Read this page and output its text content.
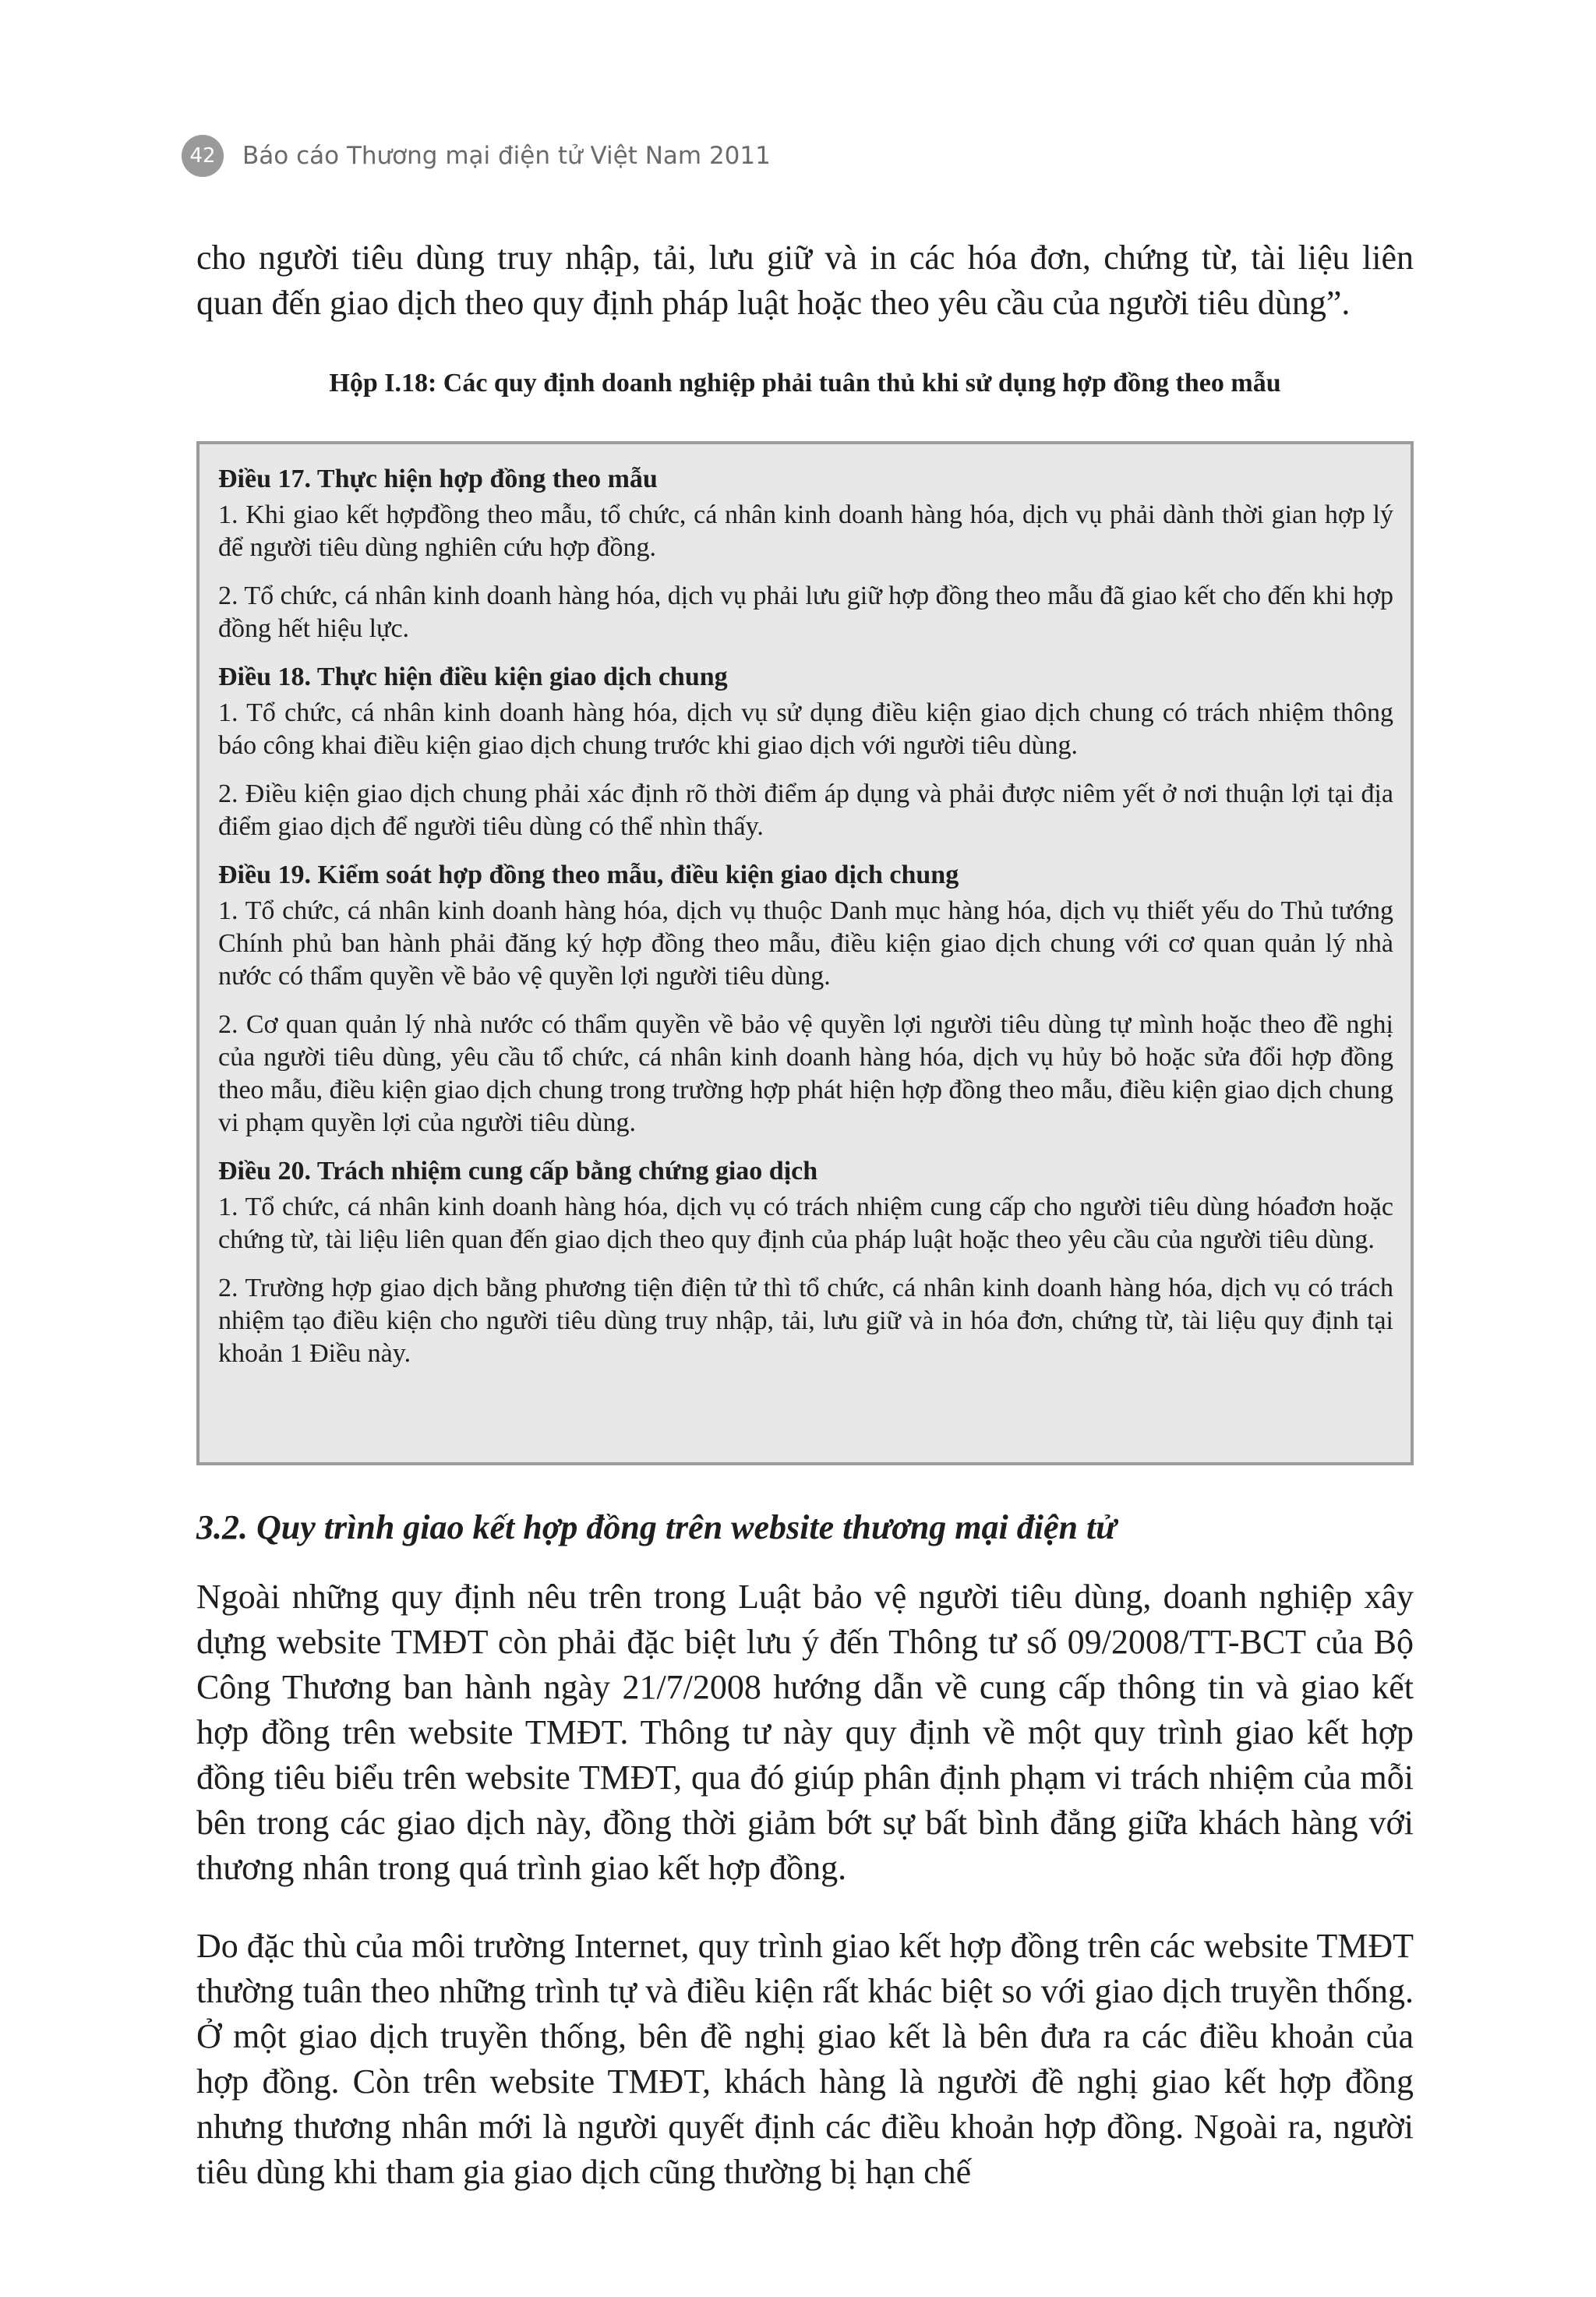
42	Báo cáo Thương mại điện tử Việt Nam 2011

cho người tiêu dùng truy nhập, tải, lưu giữ và in các hóa đơn, chứng từ, tài liệu liên quan đến giao dịch theo quy định pháp luật hoặc theo yêu cầu của người tiêu dùng”.

Hộp I.18: Các quy định doanh nghiệp phải tuân thủ khi sử dụng hợp đồng theo mẫu

Điều 17. Thực hiện hợp đồng theo mẫu

1. Khi giao kết hợpđồng theo mẫu, tổ chức, cá nhân kinh doanh hàng hóa, dịch vụ phải dành thời gian hợp lý để người tiêu dùng nghiên cứu hợp đồng.

2. Tổ chức, cá nhân kinh doanh hàng hóa, dịch vụ phải lưu giữ hợp đồng theo mẫu đã giao kết cho đến khi hợp đồng hết hiệu lực.

Điều 18. Thực hiện điều kiện giao dịch chung

1. Tổ chức, cá nhân kinh doanh hàng hóa, dịch vụ sử dụng điều kiện giao dịch chung có trách nhiệm thông báo công khai điều kiện giao dịch chung trước khi giao dịch với người tiêu dùng.

2. Điều kiện giao dịch chung phải xác định rõ thời điểm áp dụng và phải được niêm yết ở nơi thuận lợi tại địa điểm giao dịch để người tiêu dùng có thể nhìn thấy.

Điều 19. Kiểm soát hợp đồng theo mẫu, điều kiện giao dịch chung

1. Tổ chức, cá nhân kinh doanh hàng hóa, dịch vụ thuộc Danh mục hàng hóa, dịch vụ thiết yếu do Thủ tướng Chính phủ ban hành phải đăng ký hợp đồng theo mẫu, điều kiện giao dịch chung với cơ quan quản lý nhà nước có thẩm quyền về bảo vệ quyền lợi người tiêu dùng.

2. Cơ quan quản lý nhà nước có thẩm quyền về bảo vệ quyền lợi người tiêu dùng tự mình hoặc theo đề nghị của người tiêu dùng, yêu cầu tổ chức, cá nhân kinh doanh hàng hóa, dịch vụ hủy bỏ hoặc sửa đổi hợp đồng theo mẫu, điều kiện giao dịch chung trong trường hợp phát hiện hợp đồng theo mẫu, điều kiện giao dịch chung vi phạm quyền lợi của người tiêu dùng.

Điều 20. Trách nhiệm cung cấp bằng chứng giao dịch

1. Tổ chức, cá nhân kinh doanh hàng hóa, dịch vụ có trách nhiệm cung cấp cho người tiêu dùng hóađơn hoặc chứng từ, tài liệu liên quan đến giao dịch theo quy định của pháp luật hoặc theo yêu cầu của người tiêu dùng.

2. Trường hợp giao dịch bằng phương tiện điện tử thì tổ chức, cá nhân kinh doanh hàng hóa, dịch vụ có trách nhiệm tạo điều kiện cho người tiêu dùng truy nhập, tải, lưu giữ và in hóa đơn, chứng từ, tài liệu quy định tại khoản 1 Điều này.

3.2. Quy trình giao kết hợp đồng trên website thương mại điện tử

Ngoài những quy định nêu trên trong Luật bảo vệ người tiêu dùng, doanh nghiệp xây dựng website TMĐT còn phải đặc biệt lưu ý đến Thông tư số 09/2008/TT-BCT của Bộ Công Thương ban hành ngày 21/7/2008 hướng dẫn về cung cấp thông tin và giao kết hợp đồng trên website TMĐT. Thông tư này quy định về một quy trình giao kết hợp đồng tiêu biểu trên website TMĐT, qua đó giúp phân định phạm vi trách nhiệm của mỗi bên trong các giao dịch này, đồng thời giảm bớt sự bất bình đẳng giữa khách hàng với thương nhân trong quá trình giao kết hợp đồng.

Do đặc thù của môi trường Internet, quy trình giao kết hợp đồng trên các website TMĐT thường tuân theo những trình tự và điều kiện rất khác biệt so với giao dịch truyền thống. Ở một giao dịch truyền thống, bên đề nghị giao kết là bên đưa ra các điều khoản của hợp đồng. Còn trên website TMĐT, khách hàng là người đề nghị giao kết hợp đồng nhưng thương nhân mới là người quyết định các điều khoản hợp đồng. Ngoài ra, người tiêu dùng khi tham gia giao dịch cũng thường bị hạn chế
